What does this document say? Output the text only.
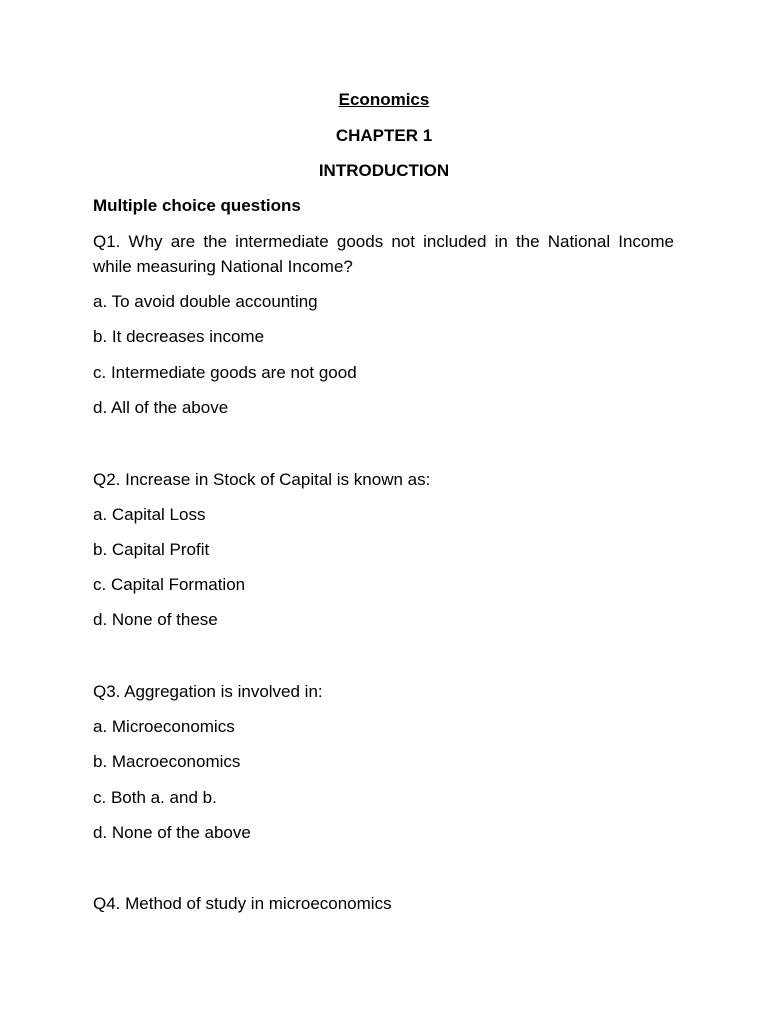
Economics

CHAPTER 1

INTRODUCTION

Multiple choice questions

Q1. Why are the intermediate goods not included in the National Income while measuring National Income?

a. To avoid double accounting

b. It decreases income

c. Intermediate goods are not good

d. All of the above

Q2. Increase in Stock of Capital is known as:

a. Capital Loss

b. Capital Profit

c. Capital Formation

d. None of these

Q3. Aggregation is involved in:

a. Microeconomics

b. Macroeconomics

c. Both a. and b.

d. None of the above

Q4. Method of study in microeconomics
